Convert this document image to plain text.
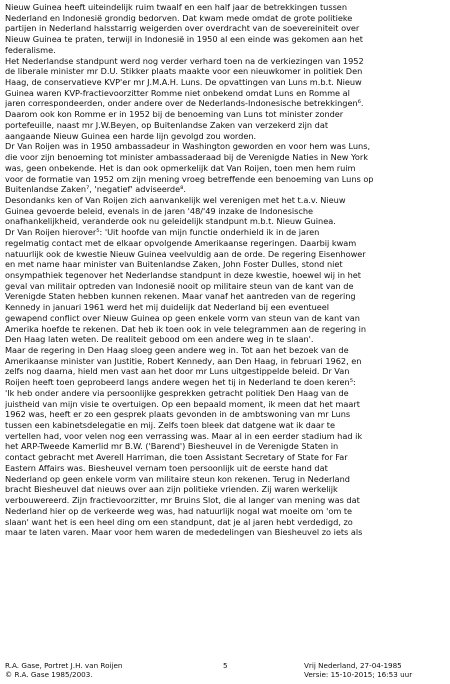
Nieuw Guinea heeft uiteindelijk ruim twaalf en een half jaar de betrekkingen tussen
Nederland en Indonesië grondig bedorven. Dat kwam mede omdat de grote politieke
partijen in Nederland halsstarrig weigerden over overdracht van de soevereiniteit over
Nieuw Guinea te praten, terwijl in Indonesië in 1950 al een einde was gekomen aan het
federalisme.
Het Nederlandse standpunt werd nog verder verhard toen na de verkiezingen van 1952
de liberale minister mr D.U. Stikker plaats maakte voor een nieuwkomer in politiek Den
Haag, de conservatieve KVP'er mr J.M.A.H. Luns. De opvattingen van Luns m.b.t. Nieuw
Guinea waren KVP-fractievoorzitter Romme niet onbekend omdat Luns en Romme al
jaren correspondeerden, onder andere over de Nederlands-Indonesische betrekkingen⁶.
Daarom ook kon Romme er in 1952 bij de benoeming van Luns tot minister zonder
portefeuille, naast mr J.W.Beyen, op Buitenlandse Zaken van verzekerd zijn dat
aangaande Nieuw Guinea een harde lijn gevolgd zou worden.
Dr Van Roijen was in 1950 ambassadeur in Washington geworden en voor hem was Luns,
die voor zijn benoeming tot minister ambassaderaad bij de Verenigde Naties in New York
was, geen onbekende. Het is dan ook opmerkelijk dat Van Roijen, toen men hem ruim
voor de formatie van 1952 om zijn mening vroeg betreffende een benoeming van Luns op
Buitenlandse Zaken⁷, 'negatief' adviseerde⁸.
Desondanks ken of Van Roijen zich aanvankelijk wel verenigen met het t.a.v. Nieuw
Guinea gevoerde beleid, evenals in de jaren '48/'49 inzake de Indonesische
onafhankelijkheid, veranderde ook nu geleidelijk standpunt m.b.t. Nieuw Guinea.
Dr Van Roijen hierover⁵: 'Uit hoofde van mijn functie onderhield ik in de jaren
regelmatig contact met de elkaar opvolgende Amerikaanse regeringen. Daarbij kwam
natuurlijk ook de kwestie Nieuw Guinea veelvuldig aan de orde. De regering Eisenhower
en met name haar minister van Buitenlandse Zaken, John Foster Dulles, stond niet
onsympathiek tegenover het Nederlandse standpunt in deze kwestie, hoewel wij in het
geval van militair optreden van Indonesië nooit op militaire steun van de kant van de
Verenigde Staten hebben kunnen rekenen. Maar vanaf het aantreden van de regering
Kennedy in januari 1961 werd het mij duidelijk dat Nederland bij een eventueel
gewapend conflict over Nieuw Guinea op geen enkele vorm van steun van de kant van
Amerika hoefde te rekenen. Dat heb ik toen ook in vele telegrammen aan de regering in
Den Haag laten weten. De realiteit gebood om een andere weg in te slaan'.
Maar de regering in Den Haag sloeg geen andere weg in. Tot aan het bezoek van de
Amerikaanse minister van Justitie, Robert Kennedy, aan Den Haag, in februari 1962, en
zelfs nog daarna, hield men vast aan het door mr Luns uitgestippelde beleid. Dr Van
Roijen heeft toen geprobeerd langs andere wegen het tij in Nederland te doen keren⁵:
'Ik heb onder andere via persoonlijke gesprekken getracht politiek Den Haag van de
juistheid van mijn visie te overtuigen. Op een bepaald moment, ik meen dat het maart
1962 was, heeft er zo een gesprek plaats gevonden in de ambtswoning van mr Luns
tussen een kabinetsdelegatie en mij. Zelfs toen bleek dat datgene wat ik daar te
vertellen had, voor velen nog een verrassing was. Maar al in een eerder stadium had ik
het ARP-Tweede Kamerlid mr B.W. ('Barend') Biesheuvel in de Verenigde Staten in
contact gebracht met Averell Harriman, die toen Assistant Secretary of State for Far
Eastern Affairs was. Biesheuvel vernam toen persoonlijk uit de eerste hand dat
Nederland op geen enkele vorm van militaire steun kon rekenen. Terug in Nederland
bracht Biesheuvel dat nieuws over aan zijn politieke vrienden. Zij waren werkelijk
verbouwereerd. Zijn fractievoorzitter, mr Bruins Slot, die al langer van mening was dat
Nederland hier op de verkeerde weg was, had natuurlijk nogal wat moeite om 'om te
slaan' want het is een heel ding om een standpunt, dat je al jaren hebt verdedigd, zo
maar te laten varen. Maar voor hem waren de mededelingen van Biesheuvel zo iets als
R.A. Gase, Portret J.H. van Roijen
© R.A. Gase 1985/2003.
5	Vrij Nederland, 27-04-1985
Versie: 15-10-2015; 16:53 uur
